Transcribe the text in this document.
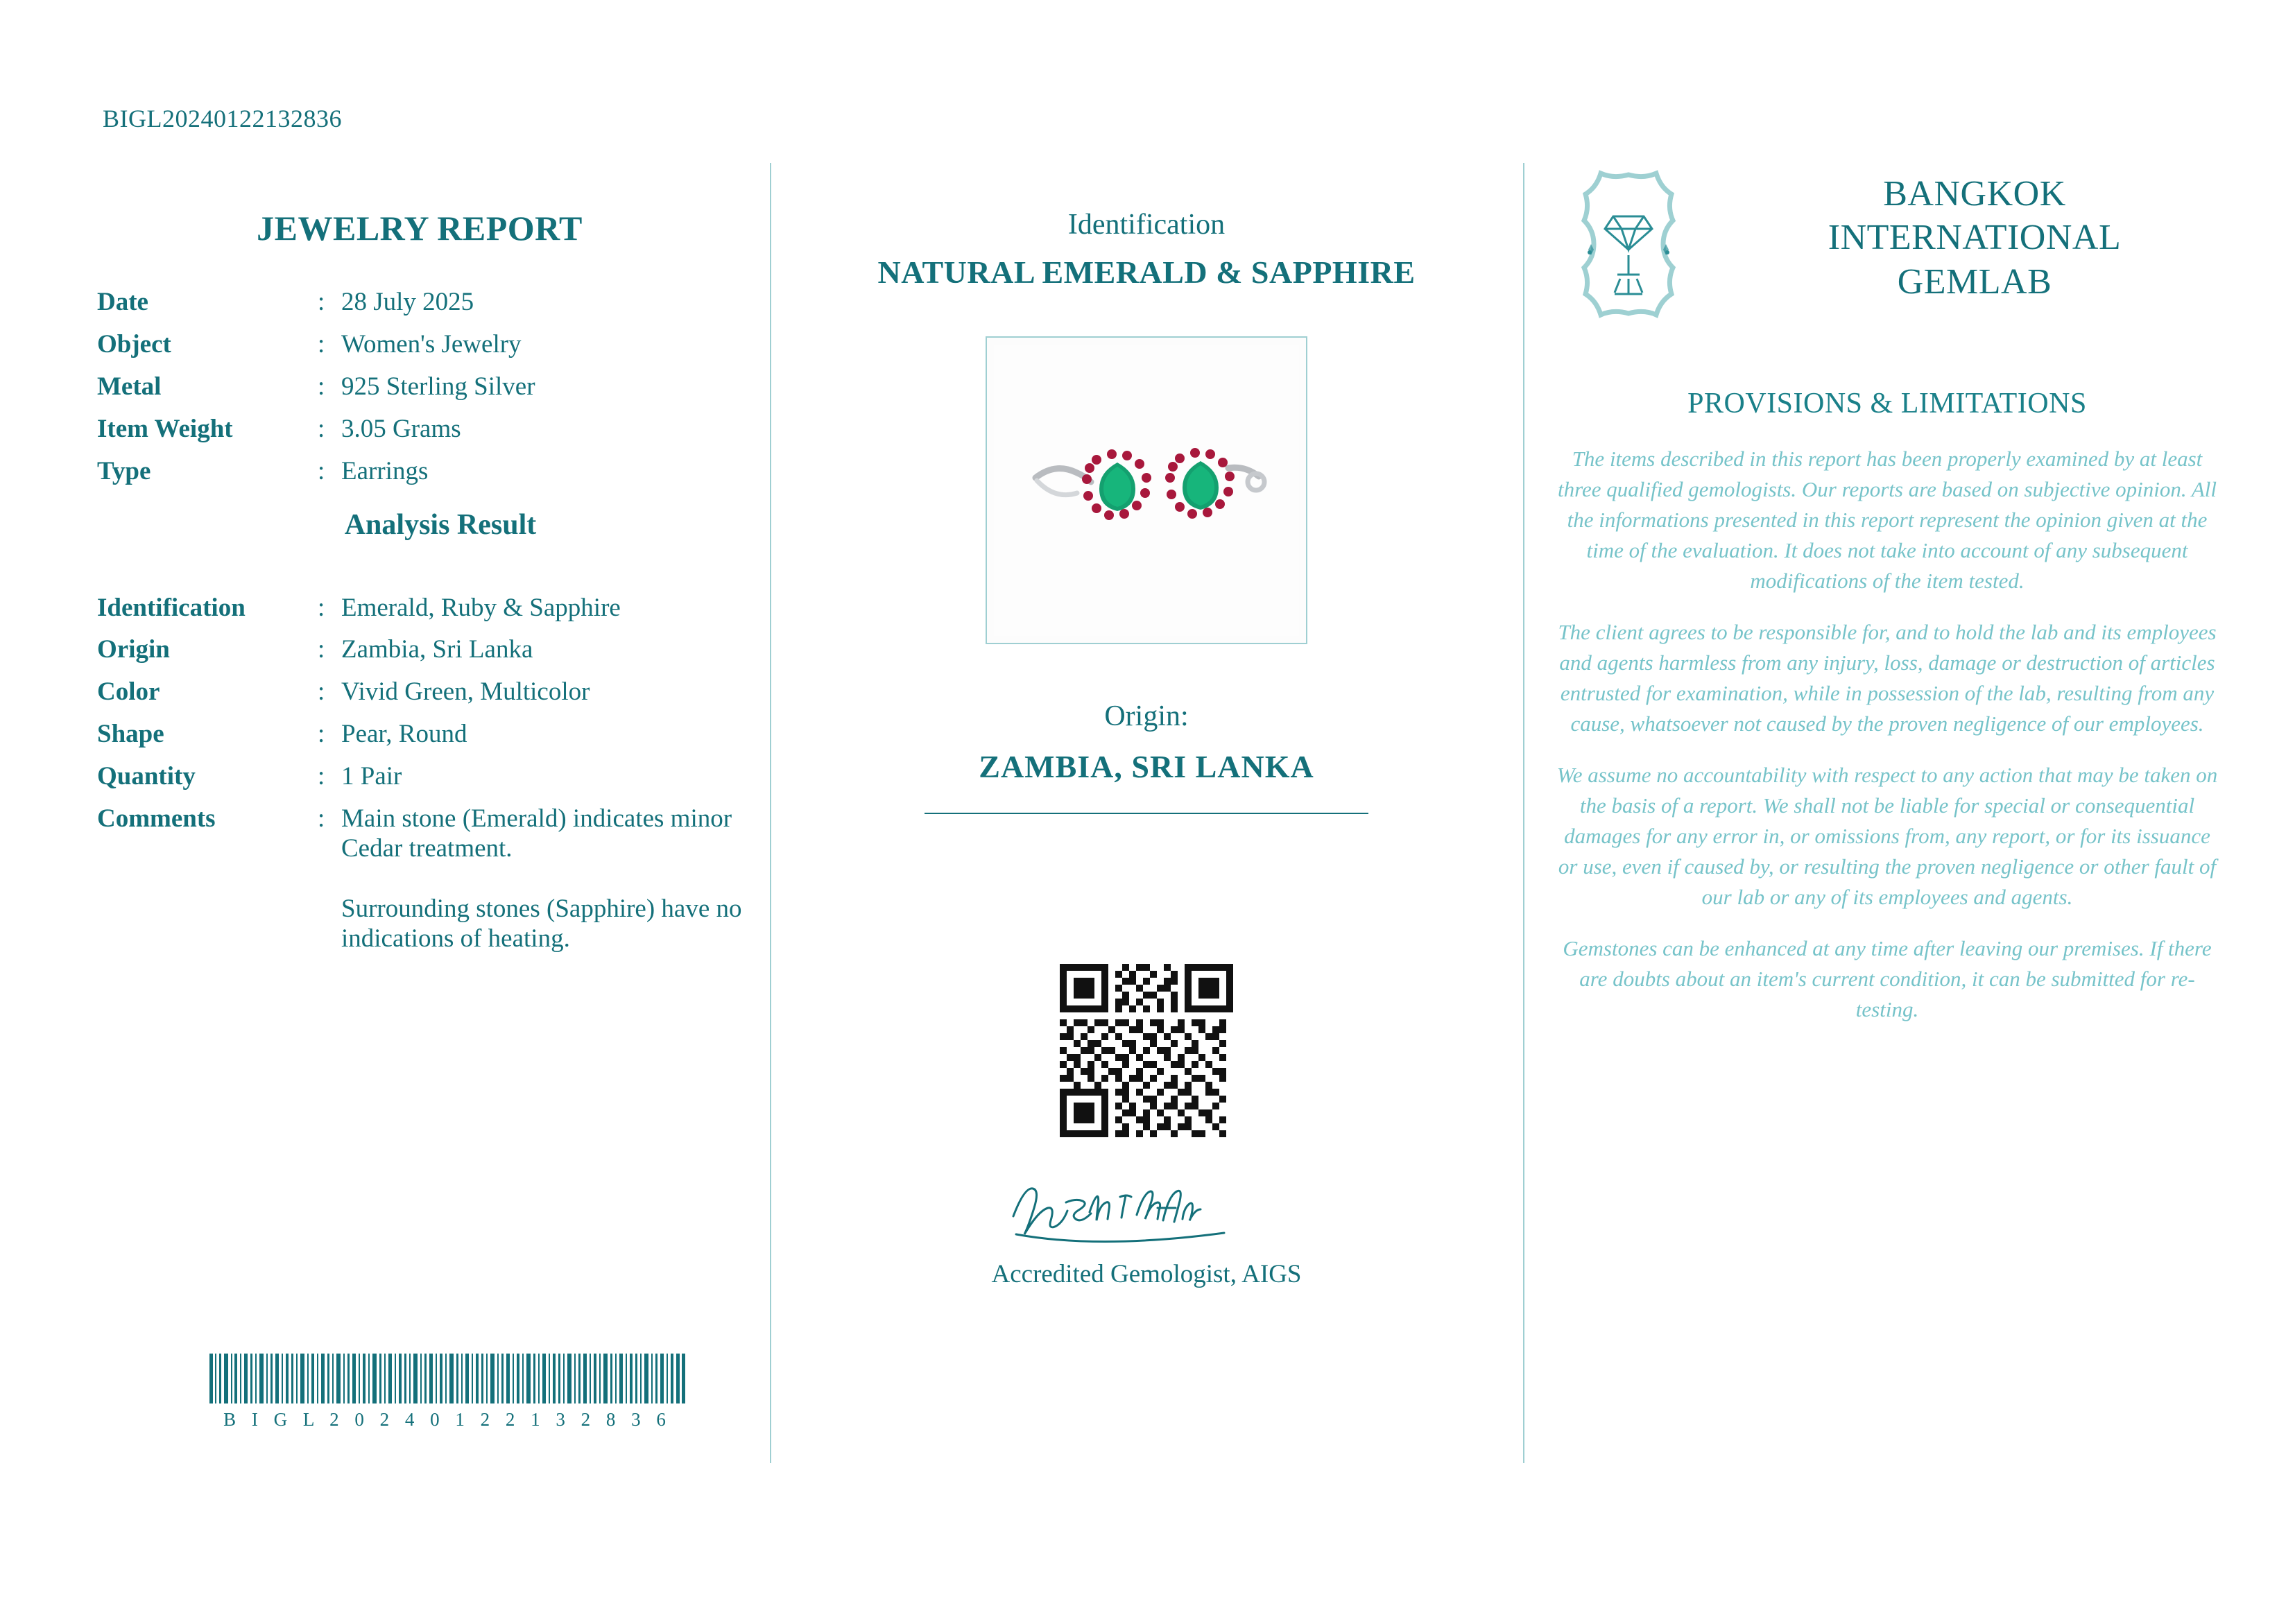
BIGL20240122132836
JEWELRY REPORT
Date	:	28 July 2025
Object	:	Women's Jewelry
Metal	:	925 Sterling Silver
Item Weight	:	3.05 Grams
Type	:	Earrings
Analysis Result
Identification	:	Emerald, Ruby & Sapphire
Origin	:	Zambia, Sri Lanka
Color	:	Vivid Green, Multicolor
Shape	:	Pear, Round
Quantity	:	1 Pair
Comments	:	Main stone (Emerald) indicates minor Cedar treatment.
Surrounding stones (Sapphire) have no indications of heating.
B I G L 2 0 2 4 0 1 2 2 1 3 2 8 3 6
Identification
NATURAL EMERALD & SAPPHIRE
Origin:
ZAMBIA, SRI LANKA
Accredited Gemologist, AIGS
BANGKOK
INTERNATIONAL
GEMLAB
PROVISIONS & LIMITATIONS

The items described in this report has been properly examined by at least three qualified gemologists. Our reports are based on subjective opinion. All the informations presented in this report represent the opinion given at the time of the evaluation. It does not take into account of any subsequent modifications of the item tested.

The client agrees to be responsible for, and to hold the lab and its employees and agents harmless from any injury, loss, damage or destruction of articles entrusted for examination, while in possession of the lab, resulting from any cause, whatsoever not caused by the proven negligence of our employees.

We assume no accountability with respect to any action that may be taken on the basis of a report. We shall not be liable for special or consequential damages for any error in, or omissions from, any report, or for its issuance or use, even if caused by, or resulting the proven negligence or other fault of our lab or any of its employees and agents.

Gemstones can be enhanced at any time after leaving our premises. If there are doubts about an item's current condition, it can be submitted for re-testing.
